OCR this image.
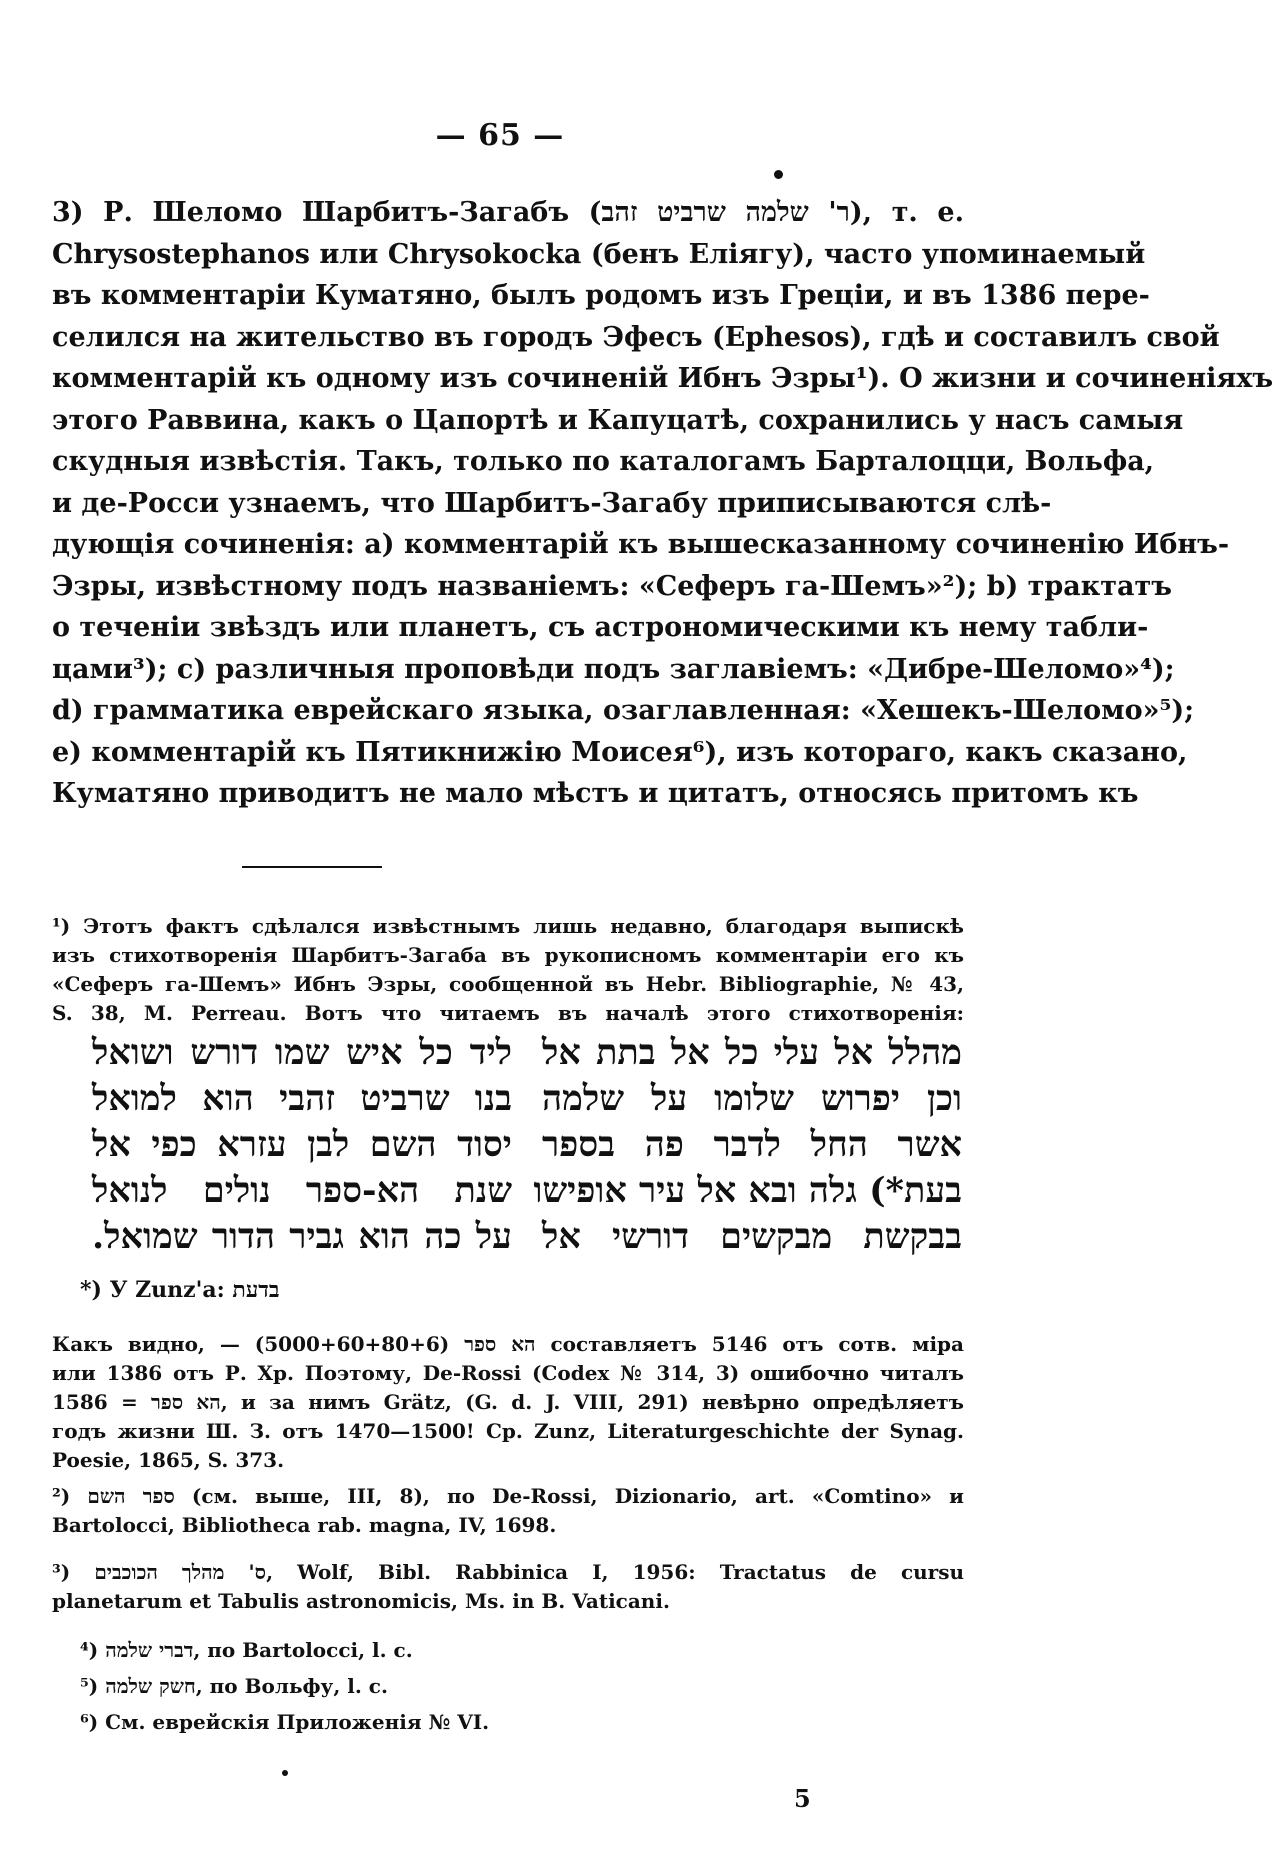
— 65 —

3) Р. Шеломо Шарбитъ-Загабъ (ר' שלמה שרביט זהב), т. е.

Chrysostephanos или Chrysokocka (бенъ Еліягу), часто упоминаемый

въ комментаріи Куматяно, былъ родомъ изъ Греціи, и въ 1386 пере-

селился на жительство въ городъ Эфесъ (Ephesos), гдѣ и составилъ свой

комментарій къ одному изъ сочиненій Ибнъ Эзры¹). О жизни и сочиненіяхъ

этого Раввина, какъ о Цапортѣ и Капуцатѣ, сохранились у насъ самыя

скудныя извѣстія. Такъ, только по каталогамъ Барталоцци, Вольфа,

и де-Росси узнаемъ, что Шарбитъ-Загабу приписываются слѣ-

дующія сочиненія: а) комментарій къ вышесказанному сочиненію Ибнъ-

Эзры, извѣстному подъ названіемъ: «Сеферъ га-Шемъ»²); b) трактатъ

о теченіи звѣздъ или планетъ, съ астрономическими къ нему табли-

цами³); с) различныя проповѣди подъ заглавіемъ: «Дибре-Шеломо»⁴);

d) грамматика еврейскаго языка, озаглавленная: «Хешекъ-Шеломо»⁵);

е) комментарій къ Пятикнижію Моисея⁶), изъ котораго, какъ сказано,

Куматяно приводитъ не мало мѣстъ и цитатъ, относясь притомъ къ

¹) Этотъ фактъ сдѣлался извѣстнымъ лишь недавно, благодаря выпискѣ

изъ стихотворенія Шарбитъ-Загаба въ рукописномъ комментаріи его къ

«Сеферъ га-Шемъ» Ибнъ Эзры, сообщенной въ Hebr. Bibliographie, № 43,

S. 38, M. Perreau. Вотъ что читаемъ въ началѣ этого стихотворенія:

מהלל אל עלי כל אל בתת אל

וכן יפרוש שלומו על שלמה

אשר החל לדבר פה בספר

בעת*) גלה ובא אל עיר אופישו

בבקשת מבקשים דורשי אל

ליד כל איש שמו דורש ושואל

בנו שרביט זהבי הוא למואל

יסוד השם לבן עזרא כפי אל

שנת הא-ספר נולים לנואל

על כה הוא גביר הדור שמואל.

*) У Zunz'а: בדעת

Какъ видно, — הא ספר (5000+60+80+6) составляетъ 5146 отъ сотв. міра

или 1386 отъ Р. Хр. Поэтому, De-Rossi (Codex № 314, 3) ошибочно читалъ

הא ספר = 1586, и за нимъ Grätz, (G. d. J. VIII, 291) невѣрно опредѣляетъ

годъ жизни Ш. З. отъ 1470—1500! Cp. Zunz, Literaturgeschichte der Synag.

Poesie, 1865, S. 373.

²) ספר השם (см. выше, III, 8), по De-Rossi, Dizionario, art. «Comtino» и

Bartolocci, Bibliotheca rab. magna, IV, 1698.

³) ס' מהלך הכוכבים, Wolf, Bibl. Rabbinica I, 1956: Tractatus de cursu

planetarum et Tabulis astronomicis, Ms. in B. Vaticani.

⁴) דברי שלמה, по Bartolocci, l. c.

⁵) חשק שלמה, по Вольфу, l. c.

⁶) См. еврейскія Приложенія № VI.

5
